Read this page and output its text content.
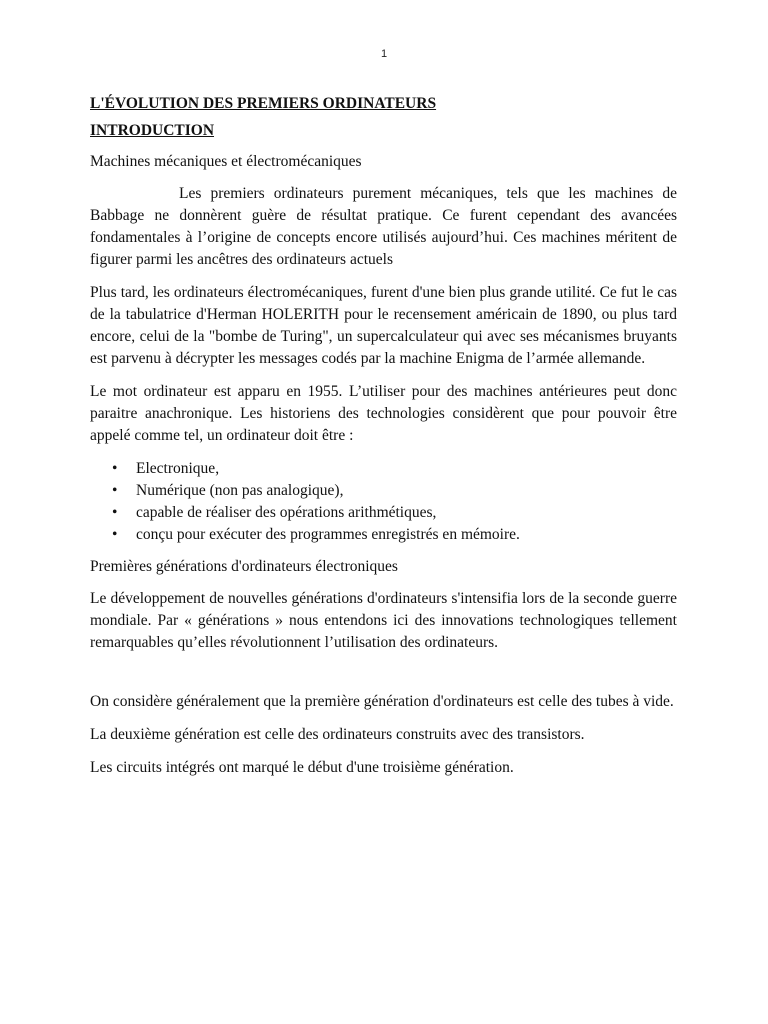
1
L'ÉVOLUTION DES PREMIERS ORDINATEURS
INTRODUCTION
Machines mécaniques et électromécaniques

Les premiers ordinateurs purement mécaniques, tels que les machines de Babbage ne donnèrent guère de résultat pratique. Ce furent cependant des avancées fondamentales à l’origine de concepts encore utilisés aujourd’hui. Ces machines méritent de figurer parmi les ancêtres des ordinateurs actuels

Plus tard, les ordinateurs électromécaniques, furent d'une bien plus grande utilité. Ce fut le cas de la tabulatrice d'Herman HOLERITH pour le recensement américain de 1890, ou plus tard encore, celui de la "bombe de Turing", un supercalculateur qui avec ses mécanismes bruyants est parvenu à décrypter les messages codés par la machine Enigma de l’armée allemande.

Le mot ordinateur est apparu en 1955. L’utiliser pour des machines antérieures peut donc paraitre anachronique. Les historiens des technologies considèrent que pour pouvoir être appelé comme tel, un ordinateur doit être :

• Electronique,
• Numérique (non pas analogique),
• capable de réaliser des opérations arithmétiques,
• conçu pour exécuter des programmes enregistrés en mémoire.
Premières générations d'ordinateurs électroniques

Le développement de nouvelles générations d'ordinateurs s'intensifia lors de la seconde guerre mondiale. Par « générations » nous entendons ici des innovations technologiques tellement remarquables qu’elles révolutionnent l’utilisation des ordinateurs.

On considère généralement que la première génération d'ordinateurs est celle des tubes à vide.

La deuxième génération est celle des ordinateurs construits avec des transistors.

Les circuits intégrés ont marqué le début d'une troisième génération.
